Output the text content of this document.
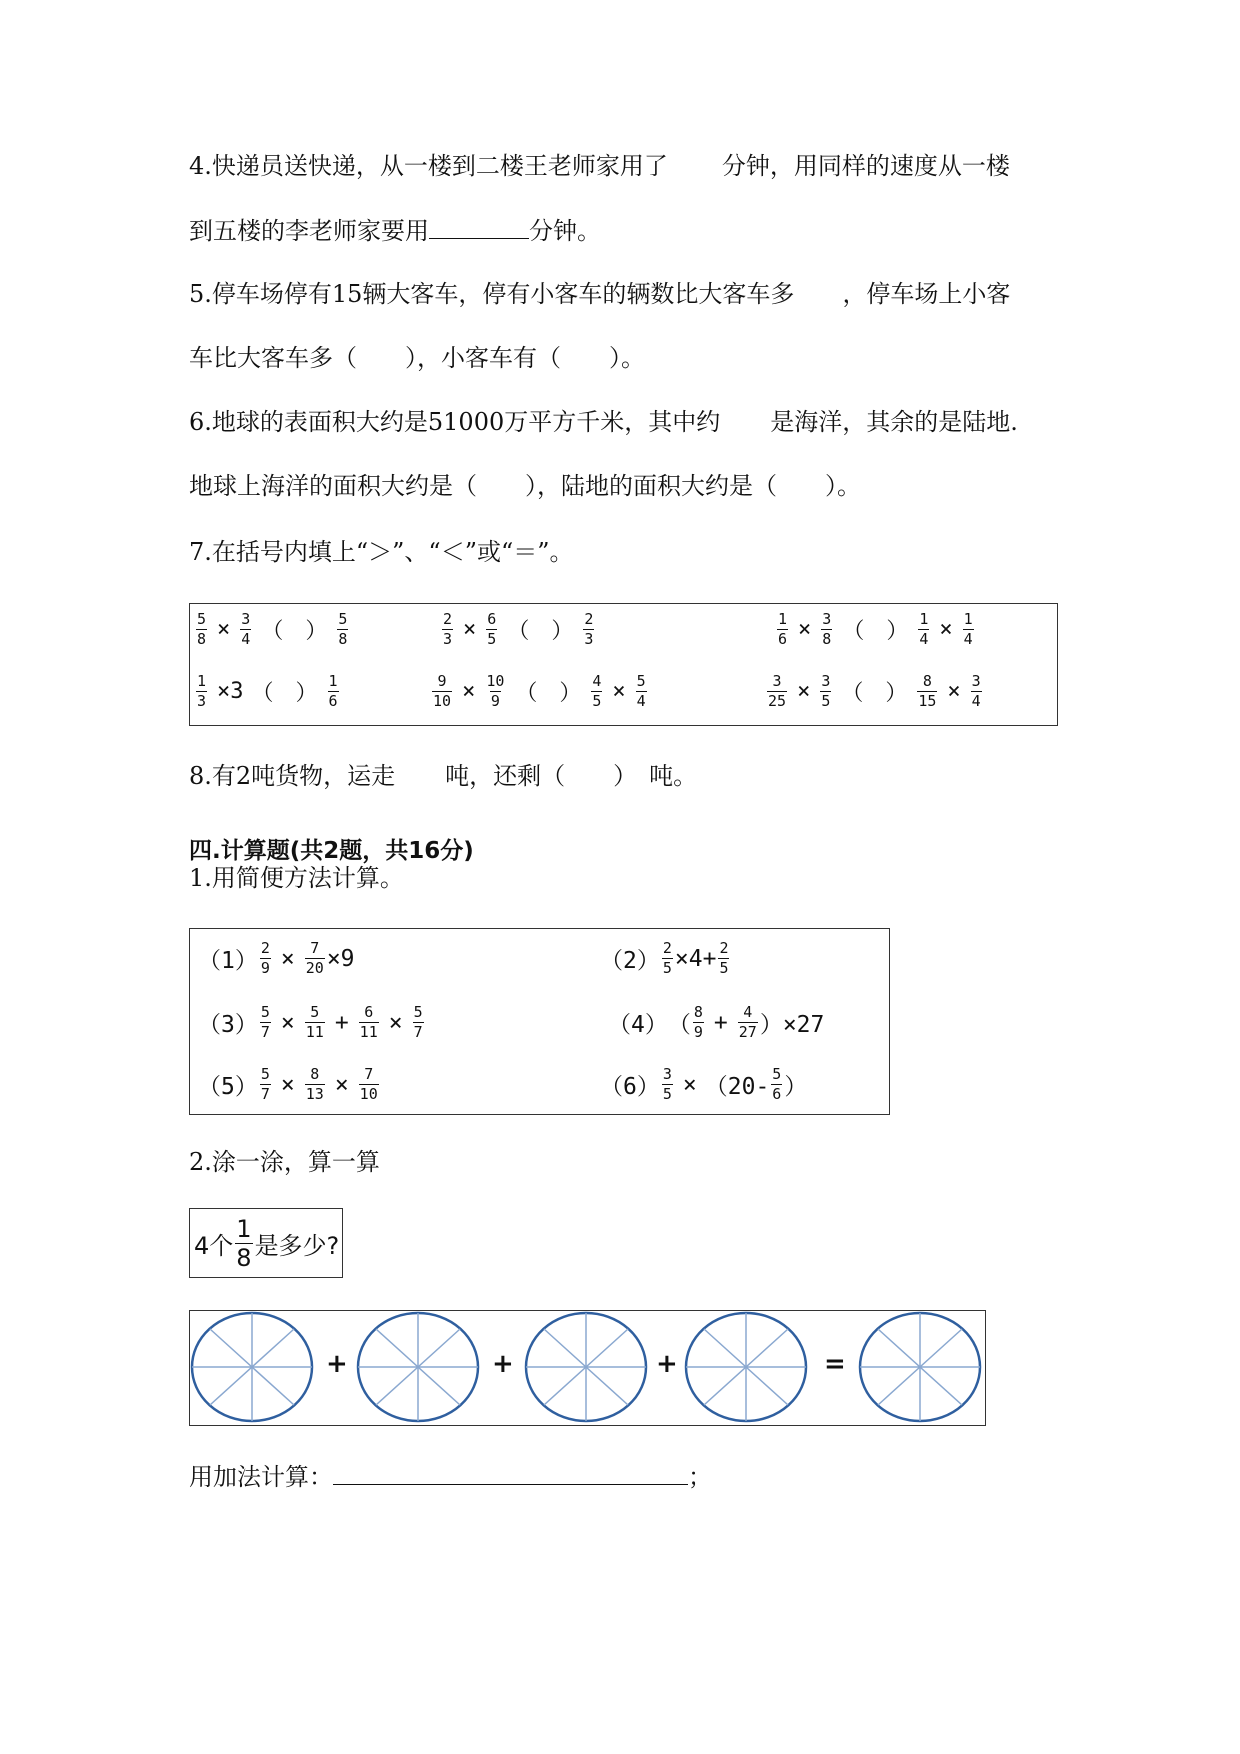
4.快递员送快递，从一楼到二楼王老师家用了 分钟，用同样的速度从一楼
到五楼的李老师家要用	分钟。
5.停车场停有15辆大客车，停有小客车的辆数比大客车多 ，停车场上小客
车比大客车多（　　），小客车有（　　）。
6.地球的表面积大约是51000万平方千米，其中约 是海洋，其余的是陆地.
地球上海洋的面积大约是（　　），陆地的面积大约是（　　）。
7.在括号内填上“＞”、“＜”或“＝”。
$\frac{5}{8} \times \frac{3}{4}$ （　） $\frac{5}{8}$	$\frac{2}{3} \times \frac{6}{5}$ （　） $\frac{2}{3}$	$\frac{1}{6} \times \frac{3}{8}$ （　） $\frac{1}{4} \times \frac{1}{4}$
$\frac{1}{3} \times 3$ （　） $\frac{1}{6}$	$\frac{9}{10} \times \frac{10}{9}$ （　） $\frac{4}{5} \times \frac{5}{4}$	$\frac{3}{25} \times \frac{3}{5}$ （　） $\frac{8}{15} \times \frac{3}{4}$
8.有2吨货物，运走 吨，还剩（　　）　吨。
四.计算题(共2题，共16分)
1.用简便方法计算。
$(1) \frac{2}{9} \times \frac{7}{20} \times 9$	$(2) \frac{2}{5} \times 4+ \frac{2}{5}$
$(3) \frac{5}{7} \times \frac{5}{11} + \frac{6}{11} \times \frac{5}{7}$	（4） （ $\frac{8}{9} + \frac{4}{27} )\times 27$
$(5) \frac{5}{7} \times \frac{8}{13} \times \frac{7}{10}$	$(6) \frac{3}{5} \times (20- \frac{5}{6}$ ）
2.涂一涂，算一算
4个 $\frac{1}{8}$ 是多少?
+	+	+	=
用加法计算：	；
